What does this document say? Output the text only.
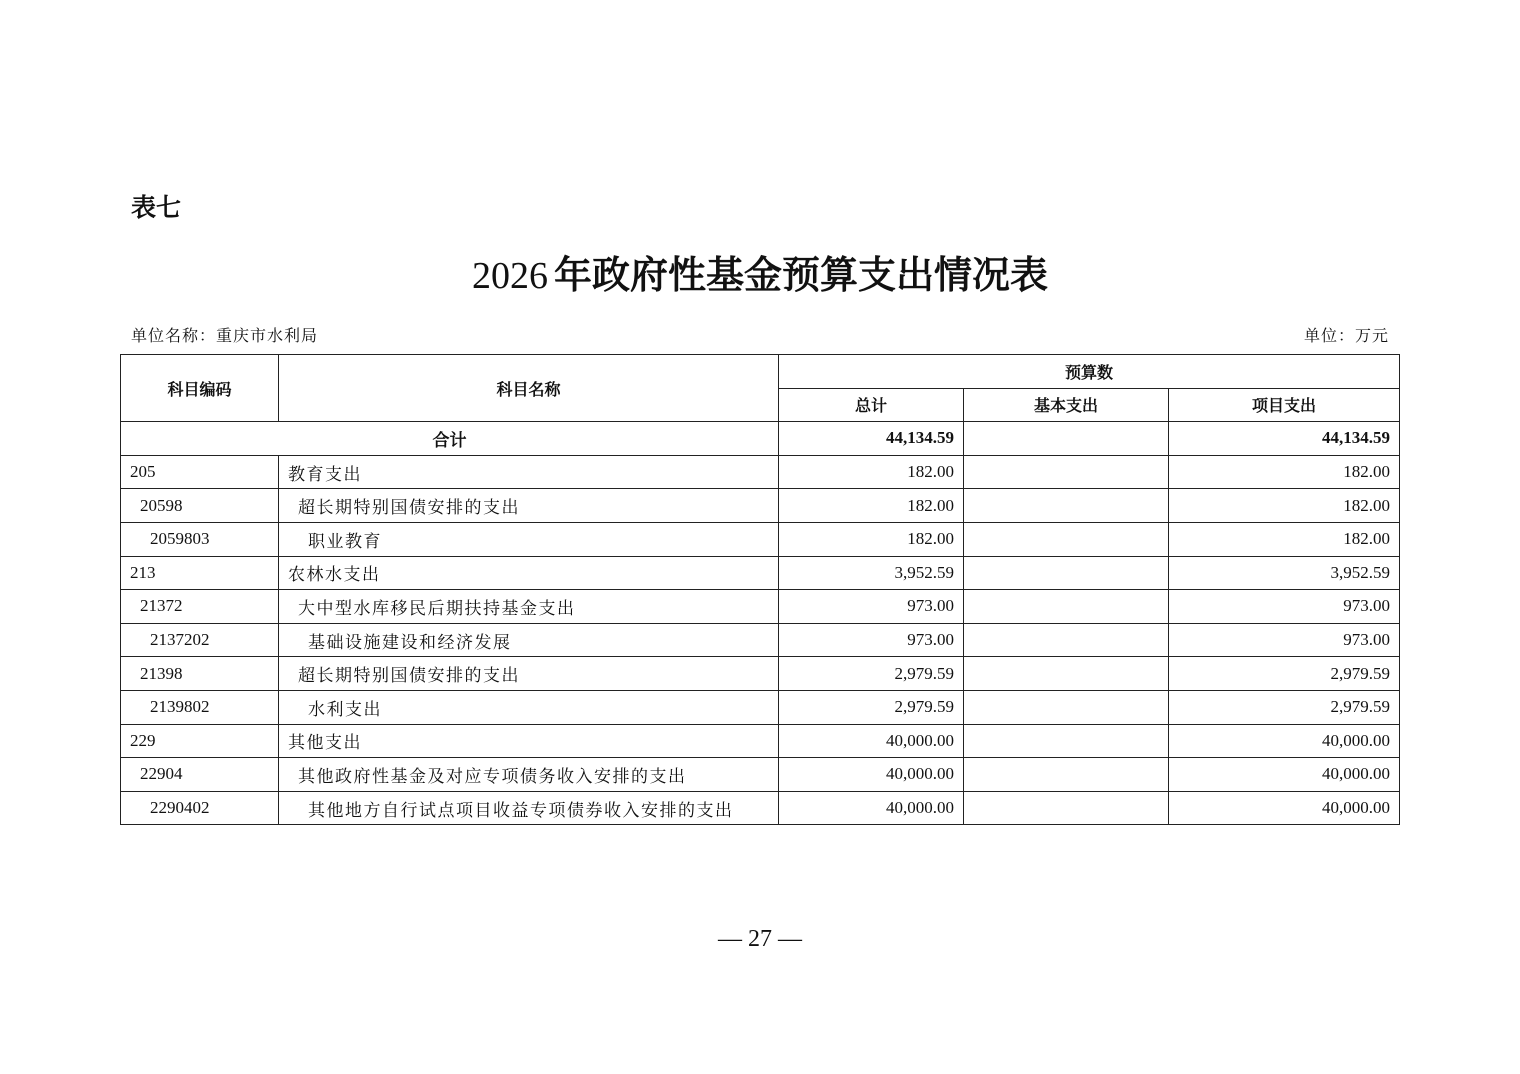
表七
2026 年政府性基金预算支出情况表
单位名称：重庆市水利局	单位：万元
科目编码	科目名称	预算数		
		总计	基本支出	项目支出
合计		44,134.59		44,134.59
205	教育支出	182.00		182.00
20598	超长期特别国债安排的支出	182.00		182.00
2059803	职业教育	182.00		182.00
213	农林水支出	3,952.59		3,952.59
21372	大中型水库移民后期扶持基金支出	973.00		973.00
2137202	基础设施建设和经济发展	973.00		973.00
21398	超长期特别国债安排的支出	2,979.59		2,979.59
2139802	水利支出	2,979.59		2,979.59
229	其他支出	40,000.00		40,000.00
22904	其他政府性基金及对应专项债务收入安排的支出	40,000.00		40,000.00
2290402	其他地方自行试点项目收益专项债券收入安排的支出	40,000.00		40,000.00
— 27 —
